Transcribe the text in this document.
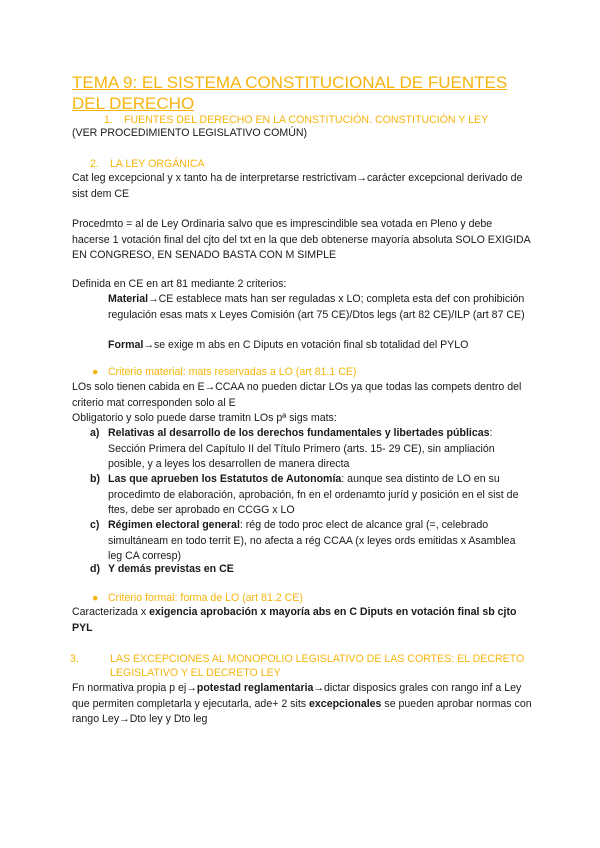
TEMA 9: EL SISTEMA CONSTITUCIONAL DE FUENTES DEL DERECHO
1. FUENTES DEL DERECHO EN LA CONSTITUCIÓN. CONSTITUCIÓN Y LEY
(VER PROCEDIMIENTO LEGISLATIVO COMÚN)
2. LA LEY ORGÁNICA
Cat leg excepcional y x tanto ha de interpretarse restrictivam→carácter excepcional derivado de sist dem CE
Procedmto = al de Ley Ordinaria salvo que es imprescindible sea votada en Pleno y debe hacerse 1 votación final del cjto del txt en la que deb obtenerse mayoría absoluta SOLO EXIGIDA EN CONGRESO, EN SENADO BASTA CON M SIMPLE
Definida en CE en art 81 mediante 2 criterios:
Material→CE establece mats han ser reguladas x LO; completa esta def con prohibición regulación esas mats x Leyes Comisión (art 75 CE)/Dtos legs (art 82 CE)/ILP (art 87 CE)
Formal→se exige m abs en C Diputs en votación final sb totalidad del PYLO
● Criterio material: mats reservadas a LO (art 81.1 CE)
LOs solo tienen cabida en E→CCAA no pueden dictar LOs ya que todas las compets dentro del criterio mat corresponden solo al E
Obligatorio y solo puede darse tramitn LOs pª sigs mats:
a) Relativas al desarrollo de los derechos fundamentales y libertades públicas: Sección Primera del Capítulo II del Título Primero (arts. 15- 29 CE), sin ampliación posible, y a leyes los desarrollen de manera directa
b) Las que aprueben los Estatutos de Autonomía: aunque sea distinto de LO en su procedimto de elaboración, aprobación, fn en el ordenamto juríd y posición en el sist de ftes, debe ser aprobado en CCGG x LO
c) Régimen electoral general: rég de todo proc elect de alcance gral (=, celebrado simultáneam en todo territ E), no afecta a rég CCAA (x leyes ords emitidas x Asamblea leg CA corresp)
d) Y demás previstas en CE
● Criterio formal: forma de LO (art 81.2 CE)
Caracterizada x exigencia aprobación x mayoría abs en C Diputs en votación final sb cjto PYL
3.	LAS EXCEPCIONES AL MONOPOLIO LEGISLATIVO DE LAS CORTES: EL DECRETO LEGISLATIVO Y EL DECRETO LEY
Fn normativa propia p ej→potestad reglamentaria→dictar disposics grales con rango inf a Ley que permiten completarla y ejecutarla, ade+ 2 sits excepcionales se pueden aprobar normas con rango Ley→Dto ley y Dto leg
